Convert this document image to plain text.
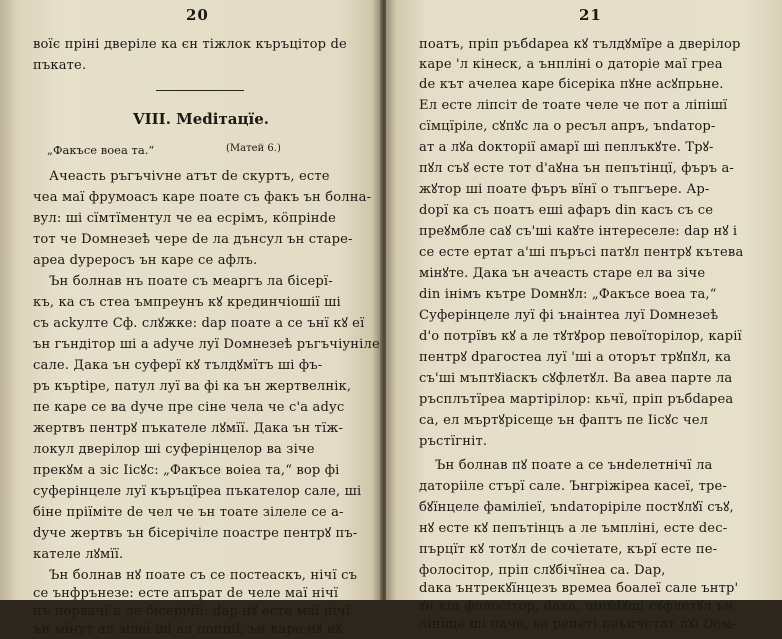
20
воїє пріні дверіле ка єн тіжлок къръцітор de
пъкате.
VIII. Medітацїе.
„Факъсе воеа та.“	(Матей 6.)
Ачеасть ръгъчіѵне атът de скуртъ, есте
чеа маї фрумоасъ каре поате съ факъ ън болна-
вул: ші сїмтїментул че еа есрімъ, кöпрінde
тот че Dомнезеѣ чере de ла дънсул ън старе-
ареа dуреросъ ън каре се афлъ.
Ън болнав нъ поате съ меаргъ ла бісерї-
къ, ка съ стеа ъмпреунъ кꙋ крединчіошії ші
съ асkулте Сф. слꙋжке: dар поате а се ънї кꙋ еї
ън гъндітор ші а аdуче луї Dомнезеѣ ръгъчіуніле
сале. Дака ън суферї кꙋ тълдꙋмїтъ ші фъ-
ръ кърtіре, патул луї ва фі ка ън жертвелнік,
пе каре се ва dуче пре сіне чела че с'а adус
жертвъ пентрꙋ пъкателе лꙋмїї. Дака ън тїж-
локул дверілор ші суферінцелор ва зіче
прекꙋм а зіс Іісꙋс: „Факъсе воіеа та,“ вор фі
суферінцеле луї къръцїреа пъкателор сале, ші
біне пріїміте de чел че ън тоате зілеле се а-
dуче жертвъ ън бісерічіле поастре пентрꙋ пъ-
кателе лꙋмїї.
Ън болнав нꙋ поате съ се постеаскъ, нічї съ
се ънфрънезе: есте апърат de челе маї нічї
пъ порвачї а ле бісерічїї: dар нꙋ есте маї нічї
ън мїнут ал зїлеї ші ал попціï, ън каре нꙋ нꙋ
21
поатъ, пріп ръбdареа кꙋ тълдꙋмїре а дверілор
каре 'л кінеск, а ънпліні о даторіе маї греа
de кът ачелеа каре бісеріка пꙋне асꙋпрьне.
Ел есте ліпсіт de тоате челе че пот а ліпішї
сїмцїріле, сꙋпꙋс ла о ресъл апръ, ъndатор-
ат а лꙋа dокторії амарї ші пеплъкꙋте. Трꙋ-
пꙋл съꙋ есте тот d'аꙋна ън пепътінцї, фъръ а-
жꙋтор ші поате фъръ вїнї о тъпгъере. Ар-
dорї ка съ поатъ еші афаръ din касъ съ се
преꙋмбле саꙋ съ'ші каꙋте інтереселе: dар нꙋ і
се есте ертат а'ші пъръсі патꙋл пентрꙋ кътева
мінꙋте. Дака ън ачеасть старе ел ва зіче
din інімъ кътре Dомнꙋл: „Факъсе воеа та,“
Суферінцеле луї фі ънаінтеа луї Dомнезеѣ
d'о потрївъ кꙋ а ле тꙋтꙋрор певоїторілор, карії
пентрꙋ dрагостеа луї 'ші а оторът трꙋпꙋл, ка
съ'ші мъптꙋіаскъ сꙋфлетꙋл. Ва авеа парте ла
ръсплътїреа мартірілор: кьчї, пріп ръбdареа
са, ел мъртꙋрісеще ън фаптъ пе Іісꙋс чел
ръстїгніт.
Ън болнав пꙋ поате а се ънdелетнічї ла
даторііле стърї сале. Ънгріжіреа касеї, тре-
бꙋїнцеле фаміліеї, ъndаторіріле постꙋлꙋї съꙋ,
нꙋ есте кꙋ пепътінцъ а ле ъмпліні, есте dес-
пърцїт кꙋ тотꙋл de сочіетате, кърї есте пе-
фолосітор, пріп слꙋбічїнеа са. Dар,
dака ънтрекꙋїнцезъ времеа боалеї сале ънтр'
ꙋн кіп фолосітор, dака, ціпꙋdꙋші сꙋфлетꙋл ън
лінїще ші пачe, ва репеті пеъпчетат лꙋї Dом-
